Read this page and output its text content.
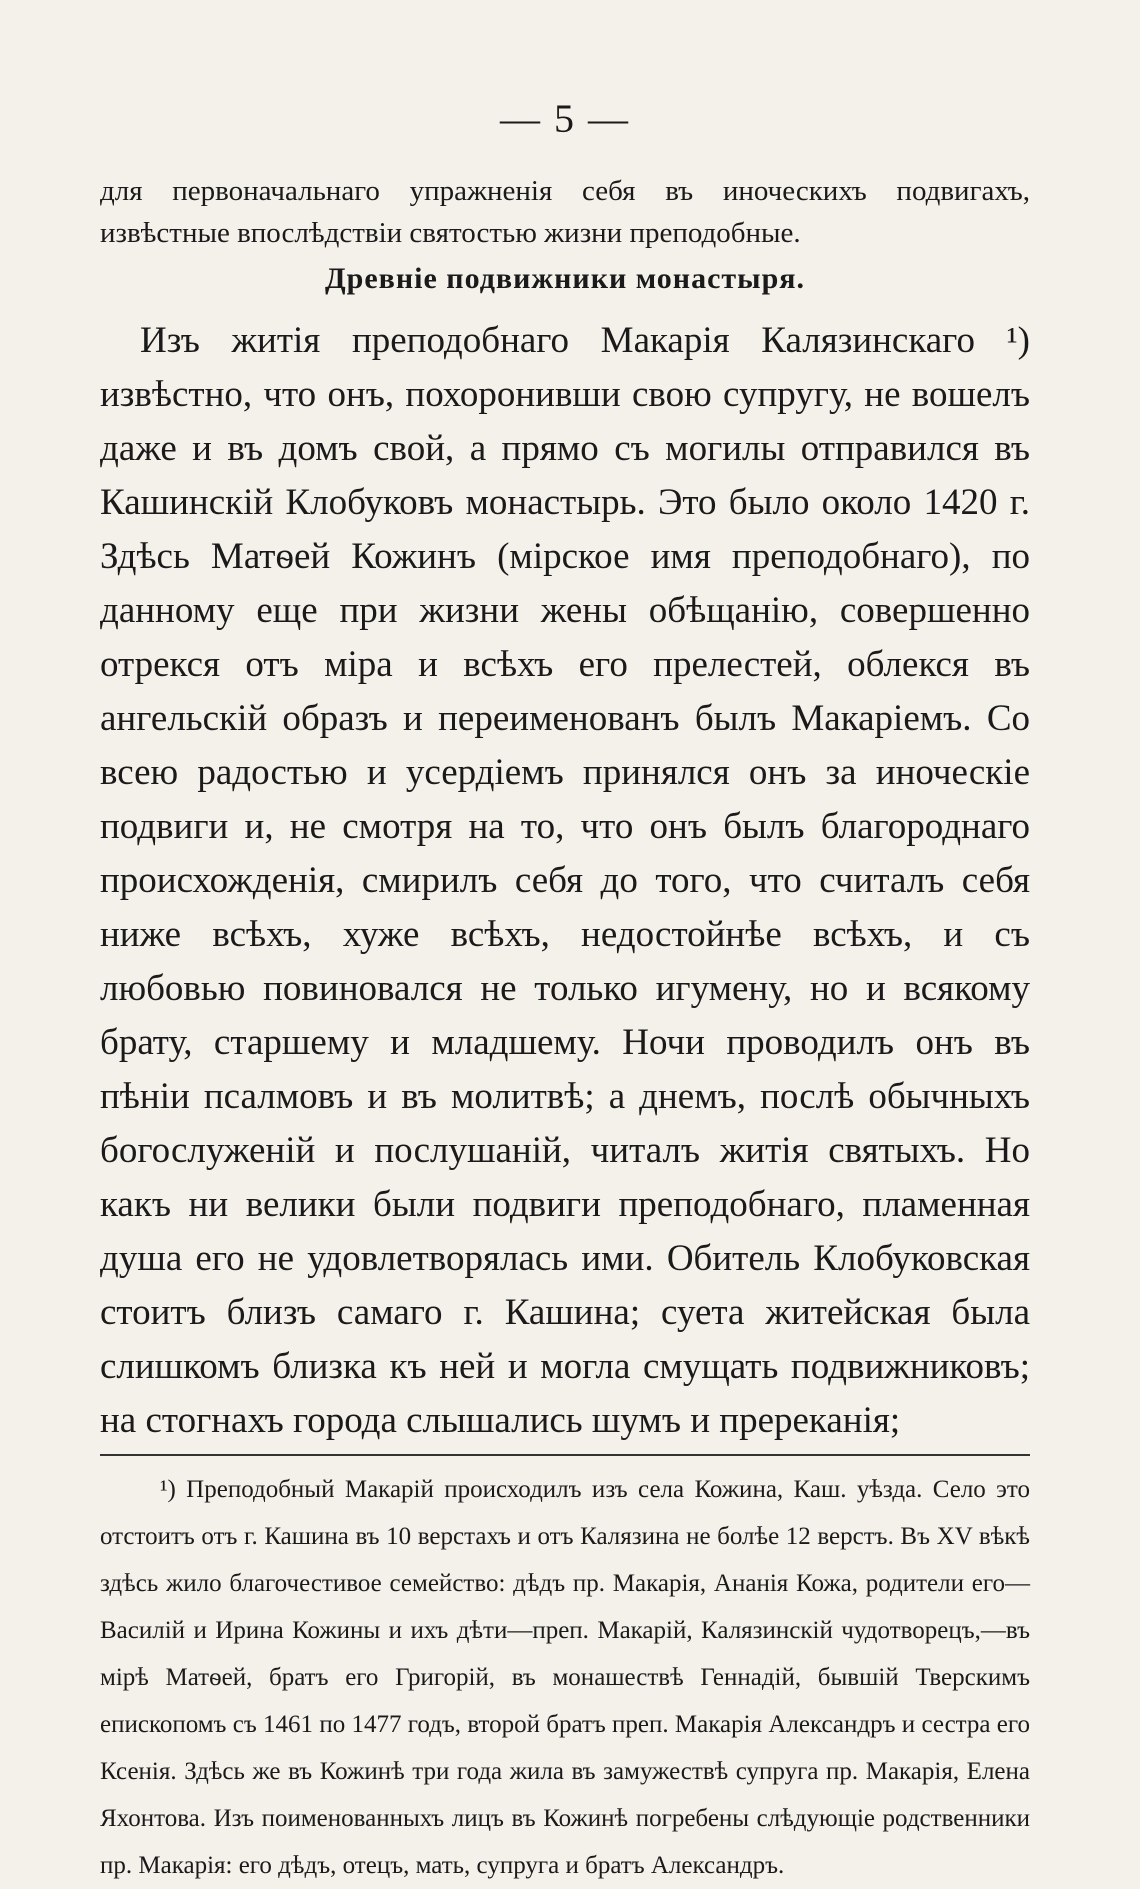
— 5 —

для первоначальнаго упражненія себя въ иноческихъ подвигахъ, извѣстные впослѣдствіи святостью жизни преподобные.

Древніе подвижники монастыря.

Изъ житія преподобнаго Макарія Калязинскаго ¹) извѣстно, что онъ, похоронивши свою супругу, не вошелъ даже и въ домъ свой, а прямо съ могилы отправился въ Кашинскій Клобуковъ монастырь. Это было около 1420 г. Здѣсь Матѳей Кожинъ (мірское имя преподобнаго), по данному еще при жизни жены обѣщанію, совершенно отрекся отъ міра и всѣхъ его прелестей, облекся въ ангельскій образъ и переименованъ былъ Макаріемъ. Со всею радостью и усердіемъ принялся онъ за иноческіе подвиги и, не смотря на то, что онъ былъ благороднаго происхожденія, смирилъ себя до того, что считалъ себя ниже всѣхъ, хуже всѣхъ, недостойнѣе всѣхъ, и съ любовью повиновался не только игумену, но и всякому брату, старшему и младшему. Ночи проводилъ онъ въ пѣніи псалмовъ и въ молитвѣ; а днемъ, послѣ обычныхъ богослуженій и послушаній, читалъ житія святыхъ. Но какъ ни велики были подвиги преподобнаго, пламенная душа его не удовлетворялась ими. Обитель Клобуковская стоитъ близъ самаго г. Кашина; суета житейская была слишкомъ близка къ ней и могла смущать подвижниковъ; на стогнахъ города слышались шумъ и пререканія;

¹) Преподобный Макарій происходилъ изъ села Кожина, Каш. уѣзда. Село это отстоитъ отъ г. Кашина въ 10 верстахъ и отъ Калязина не болѣе 12 верстъ. Въ XV вѣкѣ здѣсь жило благочестивое семейство: дѣдъ пр. Макарія, Ананія Кожа, родители его—Василій и Ирина Кожины и ихъ дѣти—преп. Макарій, Калязинскій чудотворецъ,—въ мірѣ Матѳей, братъ его Григорій, въ монашествѣ Геннадій, бывшій Тверскимъ епископомъ съ 1461 по 1477 годъ, второй братъ преп. Макарія Александръ и сестра его Ксенія. Здѣсь же въ Кожинѣ три года жила въ замужествѣ супруга пр. Макарія, Елена Яхонтова. Изъ поименованныхъ лицъ въ Кожинѣ погребены слѣдующіе родственники пр. Макарія: его дѣдъ, отецъ, мать, супруга и братъ Александръ.
